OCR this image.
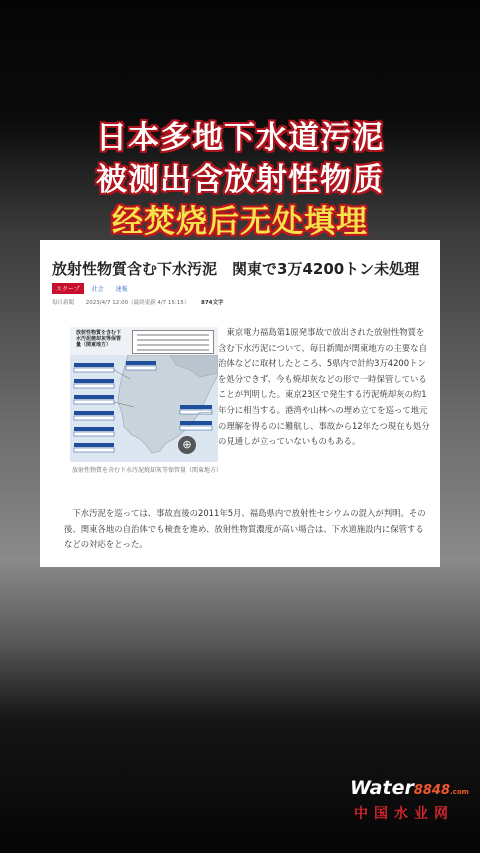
日本多地下水道污泥
被测出含放射性物质
经焚烧后无处填埋
放射性物質含む下水汚泥　関東で3万4200トン未処理
スクープ 社会 速報
毎日新聞 2023/4/7 12:00（最終更新 4/7 15:15） 874文字
放射性物質を含む下水汚泥焼却灰等保管量（関東地方）
⊕
放射性物質を含む下水汚泥焼却灰等保管量（関東地方）
東京電力福島第1原発事故で放出された放射性物質を含む下水汚泥について、毎日新聞が関東地方の主要な自治体などに取材したところ、5県内で計約3万4200トンを処分できず、今も焼却灰などの形で一時保管していることが判明した。東京23区で発生する汚泥焼却灰の約1年分に相当する。港湾や山林への埋め立てを巡って地元の理解を得るのに難航し、事故から12年たつ現在も処分の見通しが立っていないものもある。
下水汚泥を巡っては、事故直後の2011年5月、福島県内で放射性セシウムの混入が判明。その後、関東各地の自治体でも検査を進め、放射性物質濃度が高い場合は、下水道施設内に保管するなどの対応をとった。
Water8848.com
中国水业网
